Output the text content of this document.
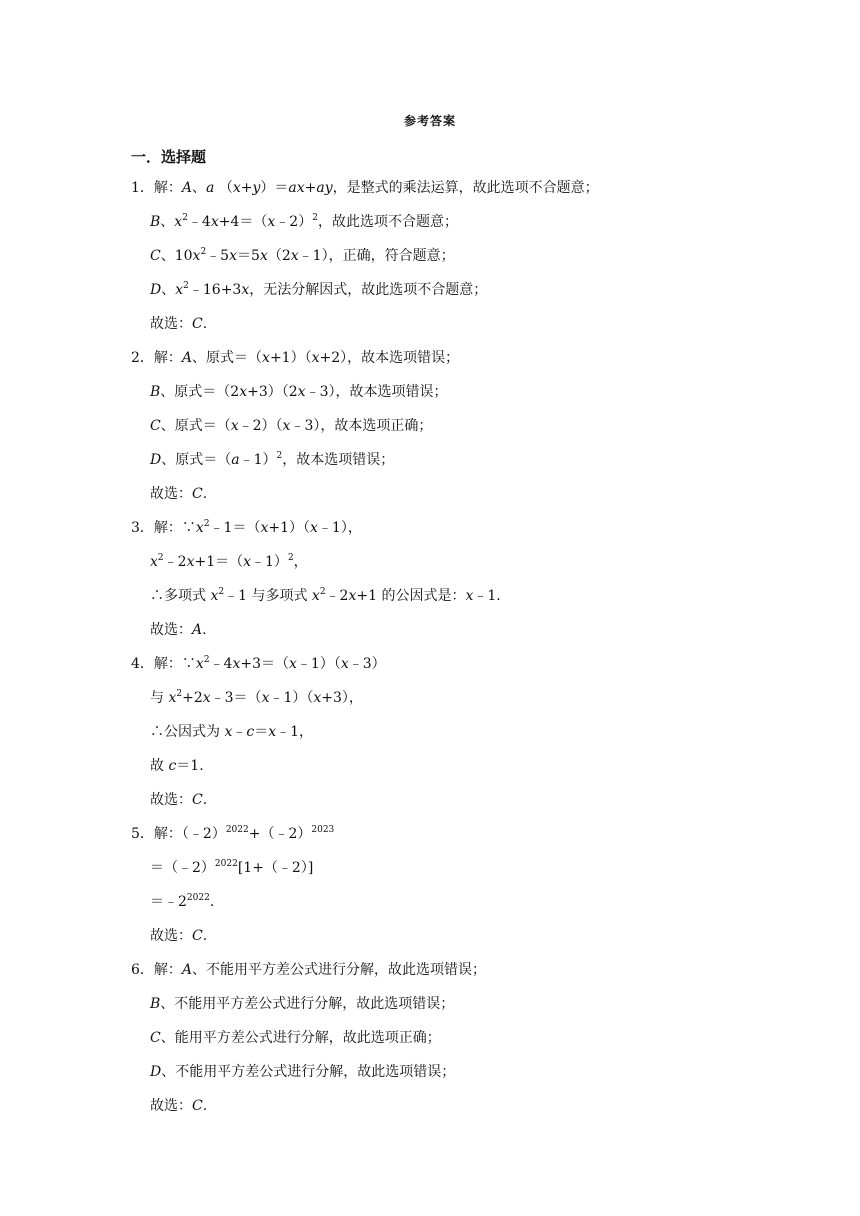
参考答案
一．选择题
1．解：A、a （x+y）＝ax+ay，是整式的乘法运算，故此选项不合题意；
B、$x^2﹣4x+4=(x﹣2)^2$，故此选项不合题意；
C、$10x^2﹣5x=5x(2x﹣1)$，正确，符合题意；
D、$x^2﹣16+3x$，无法分解因式，故此选项不合题意；
故选：C.
2．解：A、原式＝（x+1）（x+2），故本选项错误；
B、原式＝（2x+3）（2x﹣3），故本选项错误；
C、原式＝（x﹣2）（x﹣3），故本选项正确；
D、原式＝（a﹣1）$^2$，故本选项错误；
故选：C.
3．解：$\because x^2﹣1=(x+1)(x﹣1)$，
$x^2﹣2x+1=(x﹣1)^2$，
∴多项式 $x^2﹣1$ 与多项式 $x^2﹣2x+1$ 的公因式是：x﹣1.
故选：A.
4．解：$\because x^2﹣4x+3=(x﹣1)(x﹣3)$
与 $x^2+2x﹣3=(x﹣1)(x+3)$，
∴公因式为 x﹣c＝x﹣1，
故 c＝1.
故选：C.
5．解：（﹣2）$^{2022}$+（﹣2）$^{2023}$
＝（﹣2）$^{2022}$[1+（﹣2）]
$=﹣2^{2022}$.
故选：C.
6．解：A、不能用平方差公式进行分解，故此选项错误；
B、不能用平方差公式进行分解，故此选项错误；
C、能用平方差公式进行分解，故此选项正确；
D、不能用平方差公式进行分解，故此选项错误；
故选：C.
